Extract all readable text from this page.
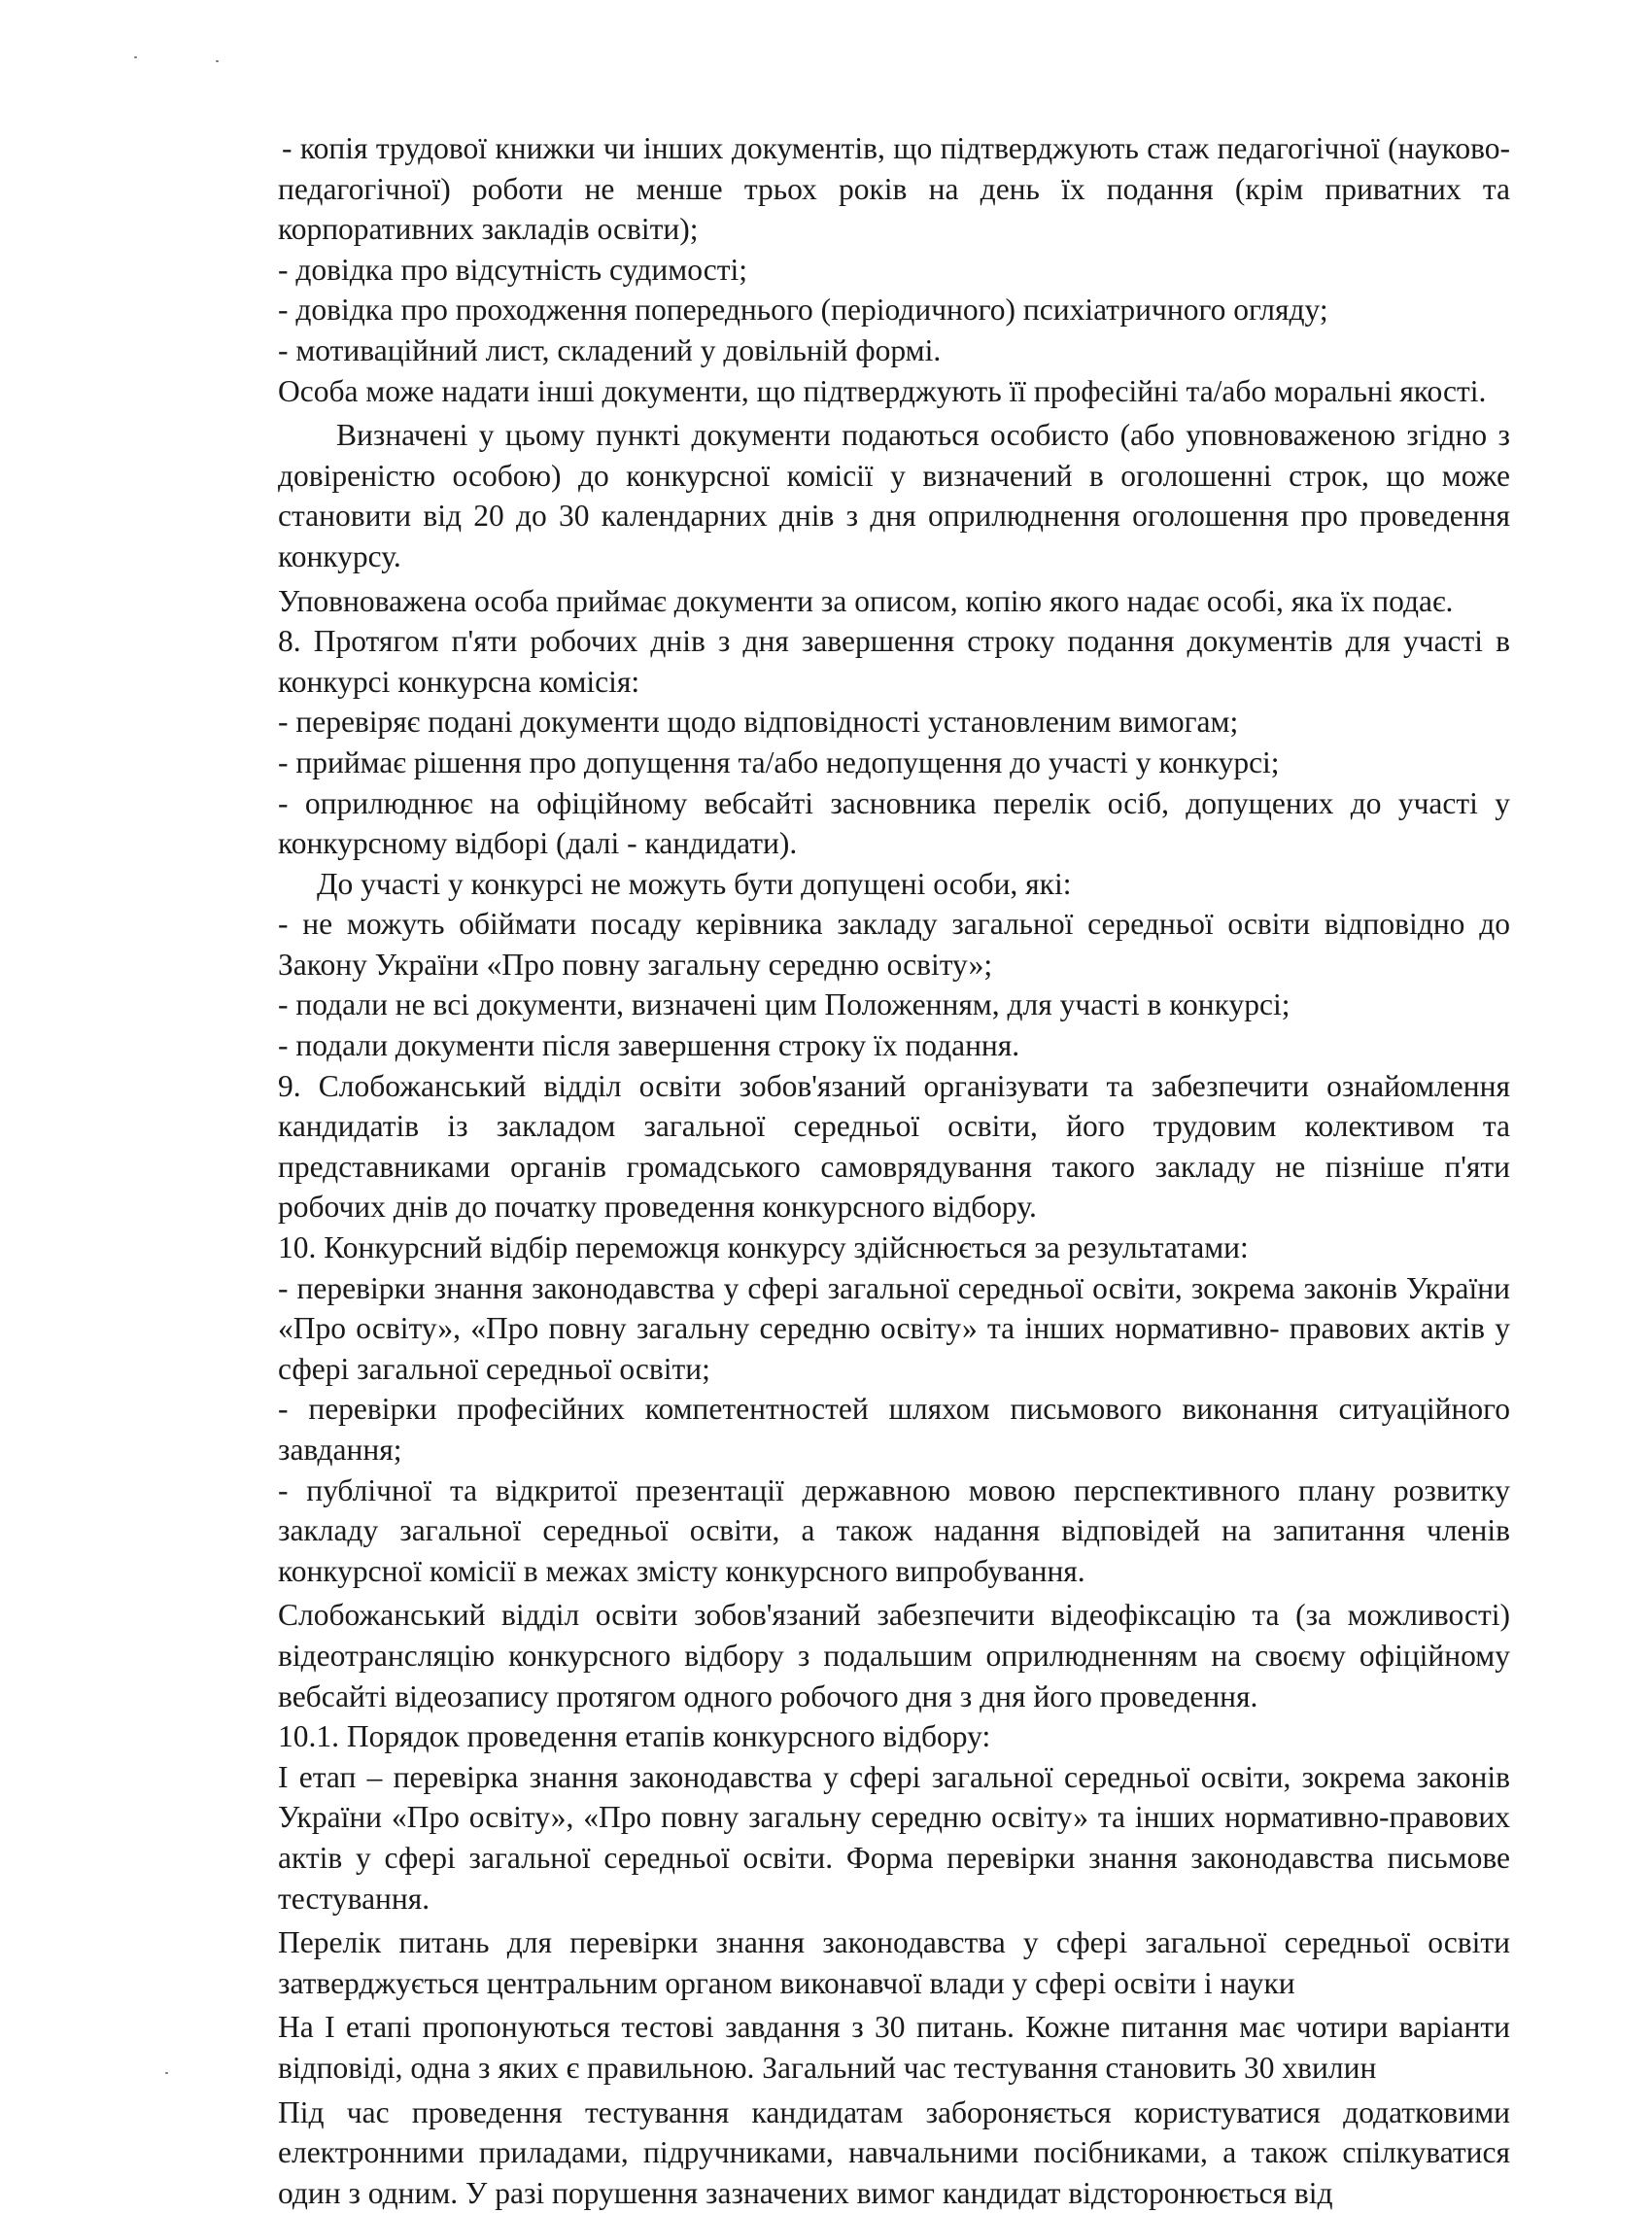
- копія трудової книжки чи інших документів, що підтверджують стаж педагогічної (науково-педагогічної) роботи не менше трьох років на день їх подання (крім приватних та корпоративних закладів освіти);

- довідка про відсутність судимості;

- довідка про проходження попереднього (періодичного) психіатричного огляду;

- мотиваційний лист, складений у довільній формі.

Особа може надати інші документи, що підтверджують її професійні та/або моральні якості.

Визначені у цьому пункті документи подаються особисто (або уповноваженою згідно з довіреністю особою) до конкурсної комісії у визначений в оголошенні строк, що може становити від 20 до 30 календарних днів з дня оприлюднення оголошення про проведення конкурсу.

Уповноважена особа приймає документи за описом, копію якого надає особі, яка їх подає.

8. Протягом п'яти робочих днів з дня завершення строку подання документів для участі в конкурсі конкурсна комісія:

- перевіряє подані документи щодо відповідності установленим вимогам;

- приймає рішення про допущення та/або недопущення до участі у конкурсі;

- оприлюднює на офіційному вебсайті засновника перелік осіб, допущених до участі у конкурсному відборі (далі - кандидати).

До участі у конкурсі не можуть бути допущені особи, які:

- не можуть обіймати посаду керівника закладу загальної середньої освіти відповідно до Закону України «Про повну загальну середню освіту»;

- подали не всі документи, визначені цим Положенням, для участі в конкурсі;

- подали документи після завершення строку їх подання.

9. Слобожанський відділ освіти зобов'язаний організувати та забезпечити ознайомлення кандидатів із закладом загальної середньої освіти, його трудовим колективом та представниками органів громадського самоврядування такого закладу не пізніше п'яти робочих днів до початку проведення конкурсного відбору.

10. Конкурсний відбір переможця конкурсу здійснюється за результатами:

- перевірки знання законодавства у сфері загальної середньої освіти, зокрема законів України «Про освіту», «Про повну загальну середню освіту» та інших нормативно- правових актів у сфері загальної середньої освіти;

- перевірки професійних компетентностей шляхом письмового виконання ситуаційного завдання;

- публічної та відкритої презентації державною мовою перспективного плану розвитку закладу загальної середньої освіти, а також надання відповідей на запитання членів конкурсної комісії в межах змісту конкурсного випробування.

Слобожанський відділ освіти зобов'язаний забезпечити відеофіксацію та (за можливості) відеотрансляцію конкурсного відбору з подальшим оприлюдненням на своєму офіційному вебсайті відеозапису протягом одного робочого дня з дня його проведення.

10.1. Порядок проведення етапів конкурсного відбору:

I етап – перевірка знання законодавства у сфері загальної середньої освіти, зокрема законів України «Про освіту», «Про повну загальну середню освіту» та інших нормативно-правових актів у сфері загальної середньої освіти. Форма перевірки знання законодавства письмове тестування.

Перелік питань для перевірки знання законодавства у сфері загальної середньої освіти затверджується центральним органом виконавчої влади у сфері освіти і науки

На I етапі пропонуються тестові завдання з 30 питань. Кожне питання має чотири варіанти відповіді, одна з яких є правильною. Загальний час тестування становить 30 хвилин

Під час проведення тестування кандидатам забороняється користуватися додатковими електронними приладами, підручниками, навчальними посібниками, а також спілкуватися один з одним. У разі порушення зазначених вимог кандидат відсторонюється від
